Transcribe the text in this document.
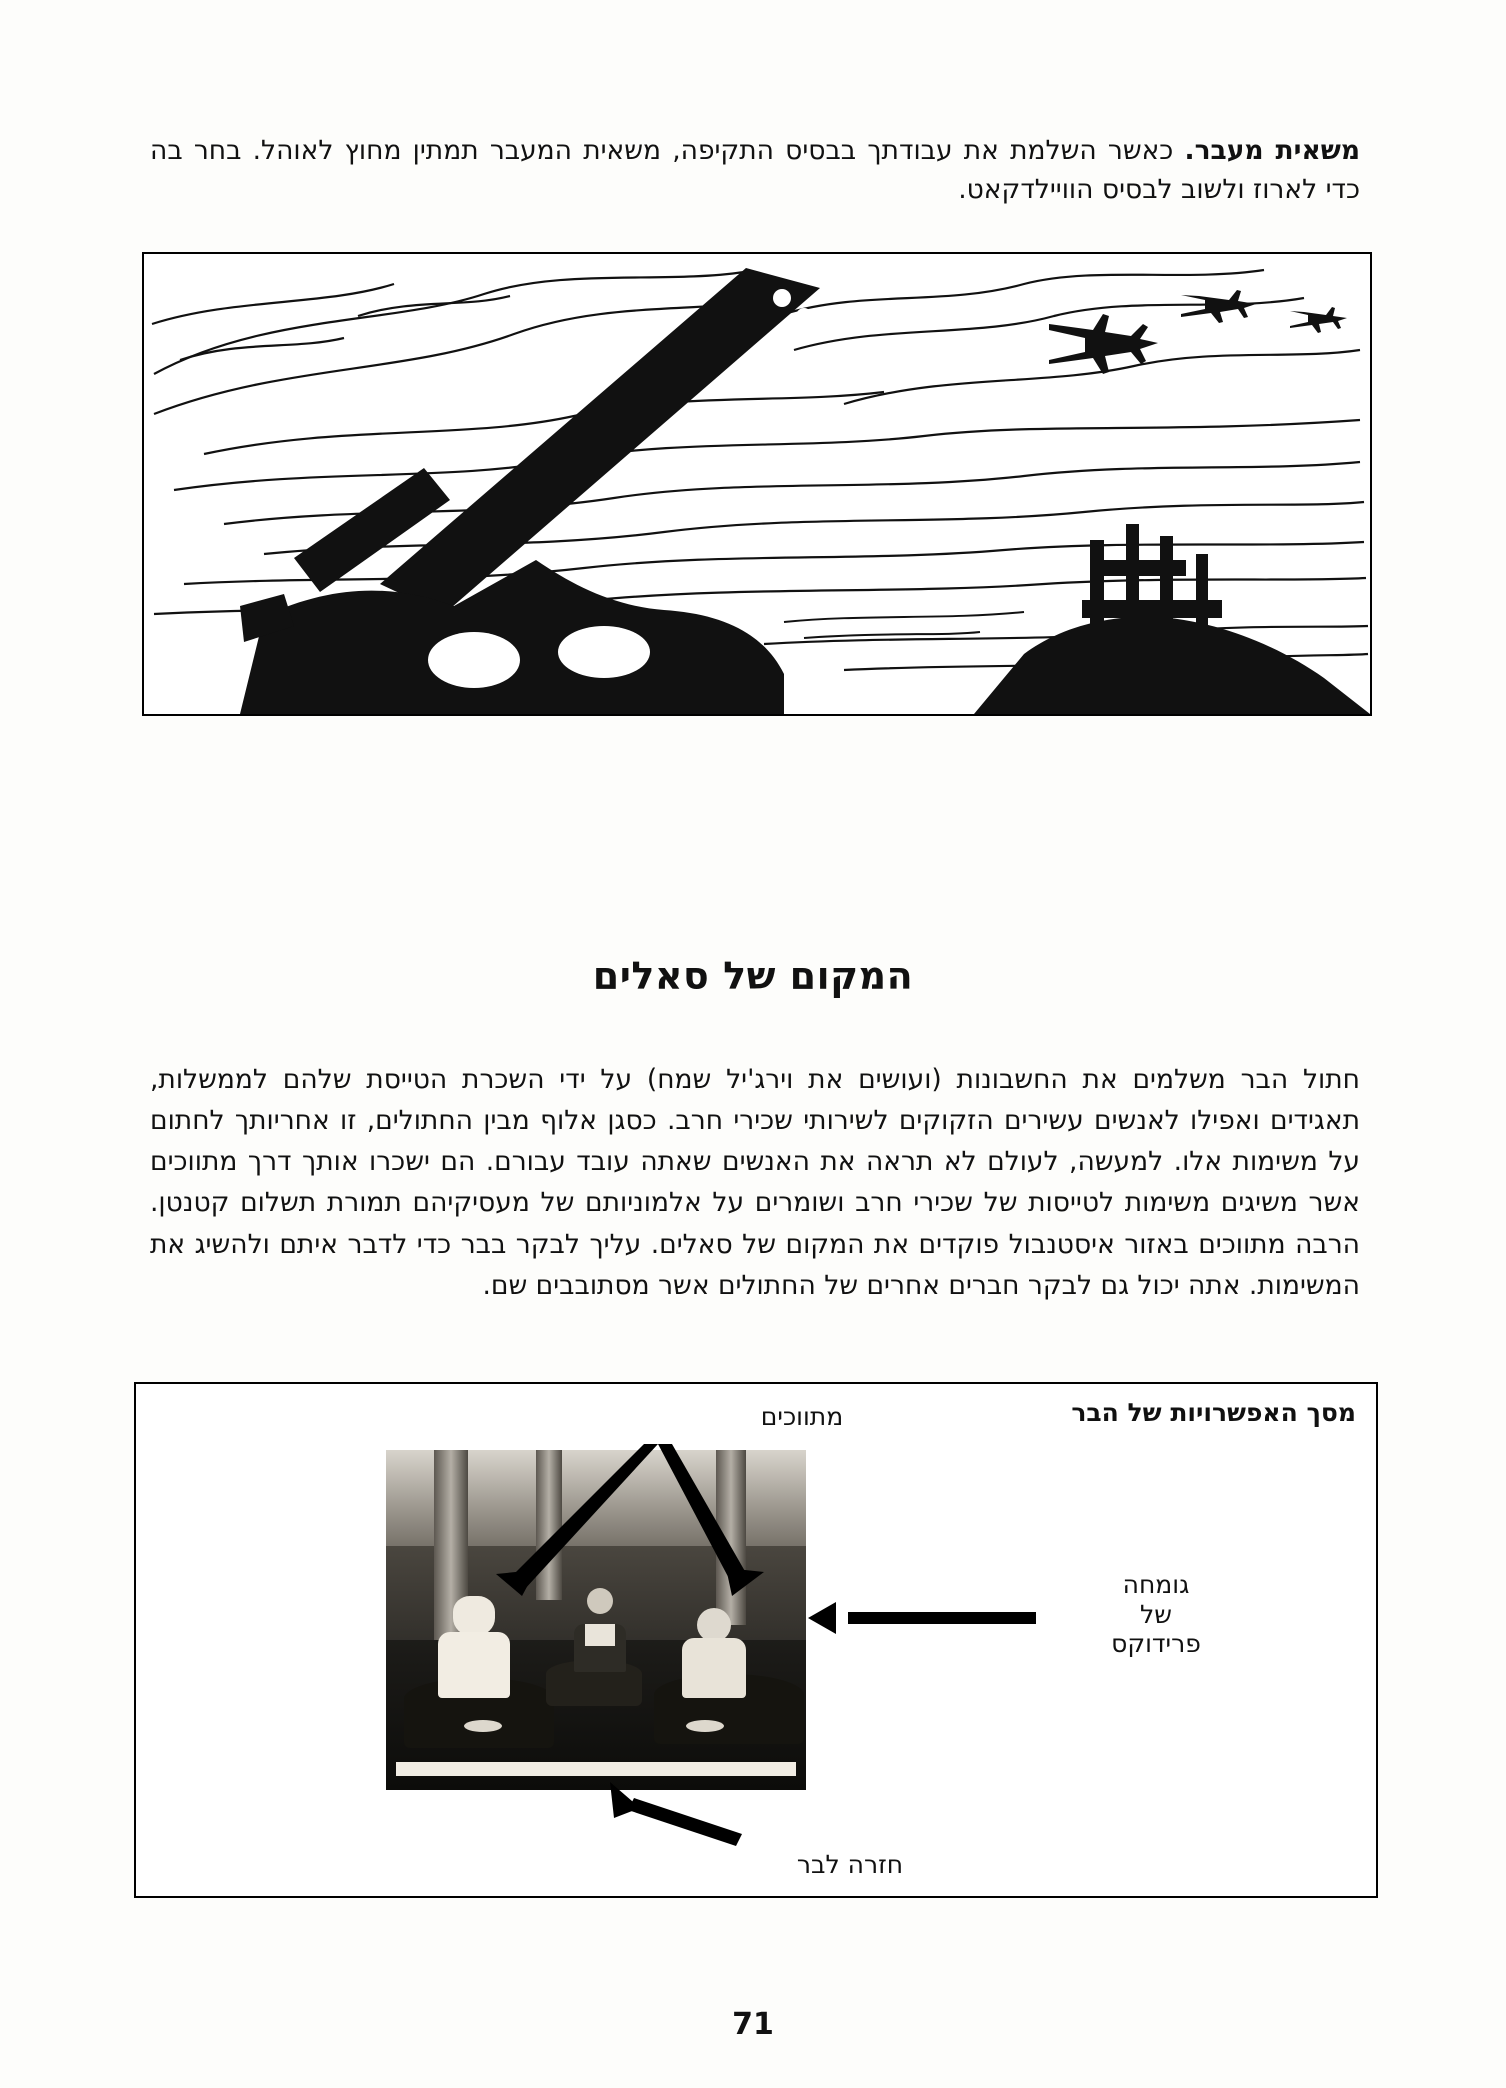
משאית מעבר. כאשר השלמת את עבודתך בבסיס התקיפה, משאית המעבר תמתין מחוץ לאוהל. בחר בה כדי לארוז ולשוב לבסיס הוויילדקאט.

המקום של סאלים

חתול הבר משלמים את החשבונות (ועושים את וירג'יל שמח) על ידי השכרת הטייסת שלהם לממשלות, תאגידים ואפילו לאנשים עשירים הזקוקים לשירותי שכירי חרב. כסגן אלוף מבין החתולים, זו אחריותך לחתום על משימות אלו. למעשה, לעולם לא תראה את האנשים שאתה עובד עבורם. הם ישכרו אותך דרך מתווכים אשר משיגים משימות לטייסות של שכירי חרב ושומרים על אלמוניותם של מעסיקיהם תמורת תשלום קטנטן. הרבה מתווכים באזור איסטנבול פוקדים את המקום של סאלים. עליך לבקר בבר כדי לדבר איתם ולהשיג את המשימות. אתה יכול גם לבקר חברים אחרים של החתולים אשר מסתובבים שם.

מסך האפשרויות של הבר
מתווכים
גומחה
של
פרידוקס
חזרה לבר
71
